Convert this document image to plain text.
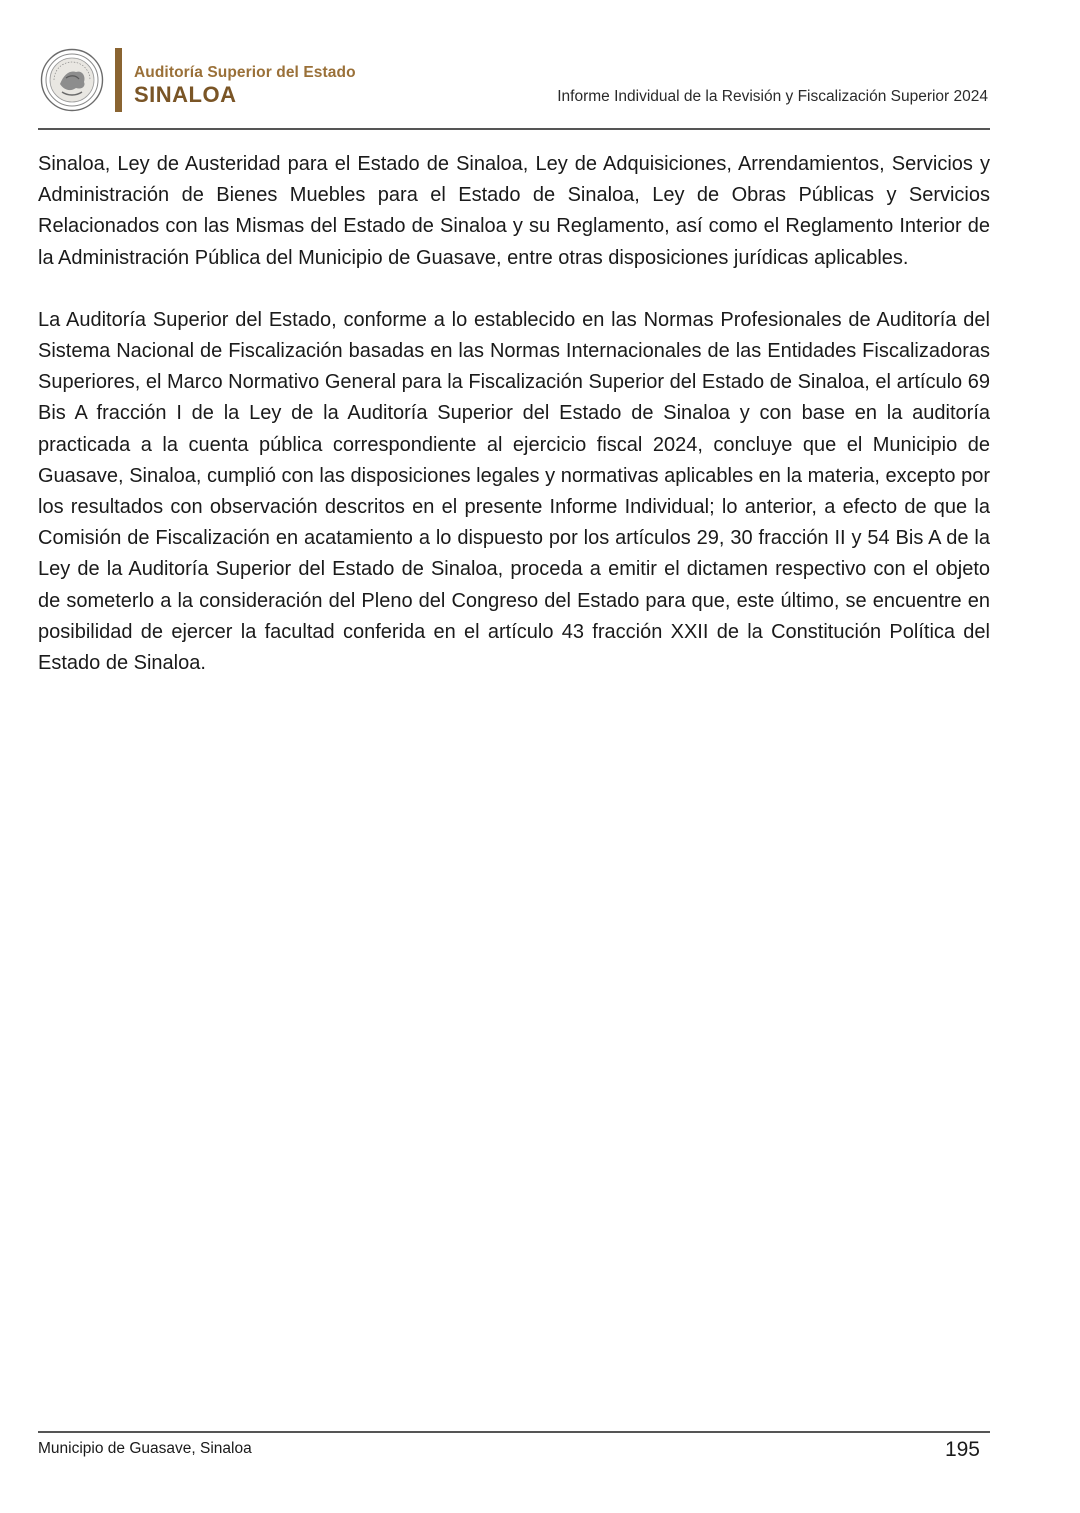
Auditoría Superior del Estado
SINALOA	Informe Individual de la Revisión y Fiscalización Superior 2024

Sinaloa, Ley de Austeridad para el Estado de Sinaloa, Ley de Adquisiciones, Arrendamientos, Servicios y Administración de Bienes Muebles para el Estado de Sinaloa, Ley de Obras Públicas y Servicios Relacionados con las Mismas del Estado de Sinaloa y su Reglamento, así como el Reglamento Interior de la Administración Pública del Municipio de Guasave, entre otras disposiciones jurídicas aplicables.

La Auditoría Superior del Estado, conforme a lo establecido en las Normas Profesionales de Auditoría del Sistema Nacional de Fiscalización basadas en las Normas Internacionales de las Entidades Fiscalizadoras Superiores, el Marco Normativo General para la Fiscalización Superior del Estado de Sinaloa, el artículo 69 Bis A fracción I de la Ley de la Auditoría Superior del Estado de Sinaloa y con base en la auditoría practicada a la cuenta pública correspondiente al ejercicio fiscal 2024, concluye que el Municipio de Guasave, Sinaloa, cumplió con las disposiciones legales y normativas aplicables en la materia, excepto por los resultados con observación descritos en el presente Informe Individual; lo anterior, a efecto de que la Comisión de Fiscalización en acatamiento a lo dispuesto por los artículos 29, 30 fracción II y 54 Bis A de la Ley de la Auditoría Superior del Estado de Sinaloa, proceda a emitir el dictamen respectivo con el objeto de someterlo a la consideración del Pleno del Congreso del Estado para que, este último, se encuentre en posibilidad de ejercer la facultad conferida en el artículo 43 fracción XXII de la Constitución Política del Estado de Sinaloa.

Municipio de Guasave, Sinaloa	195
